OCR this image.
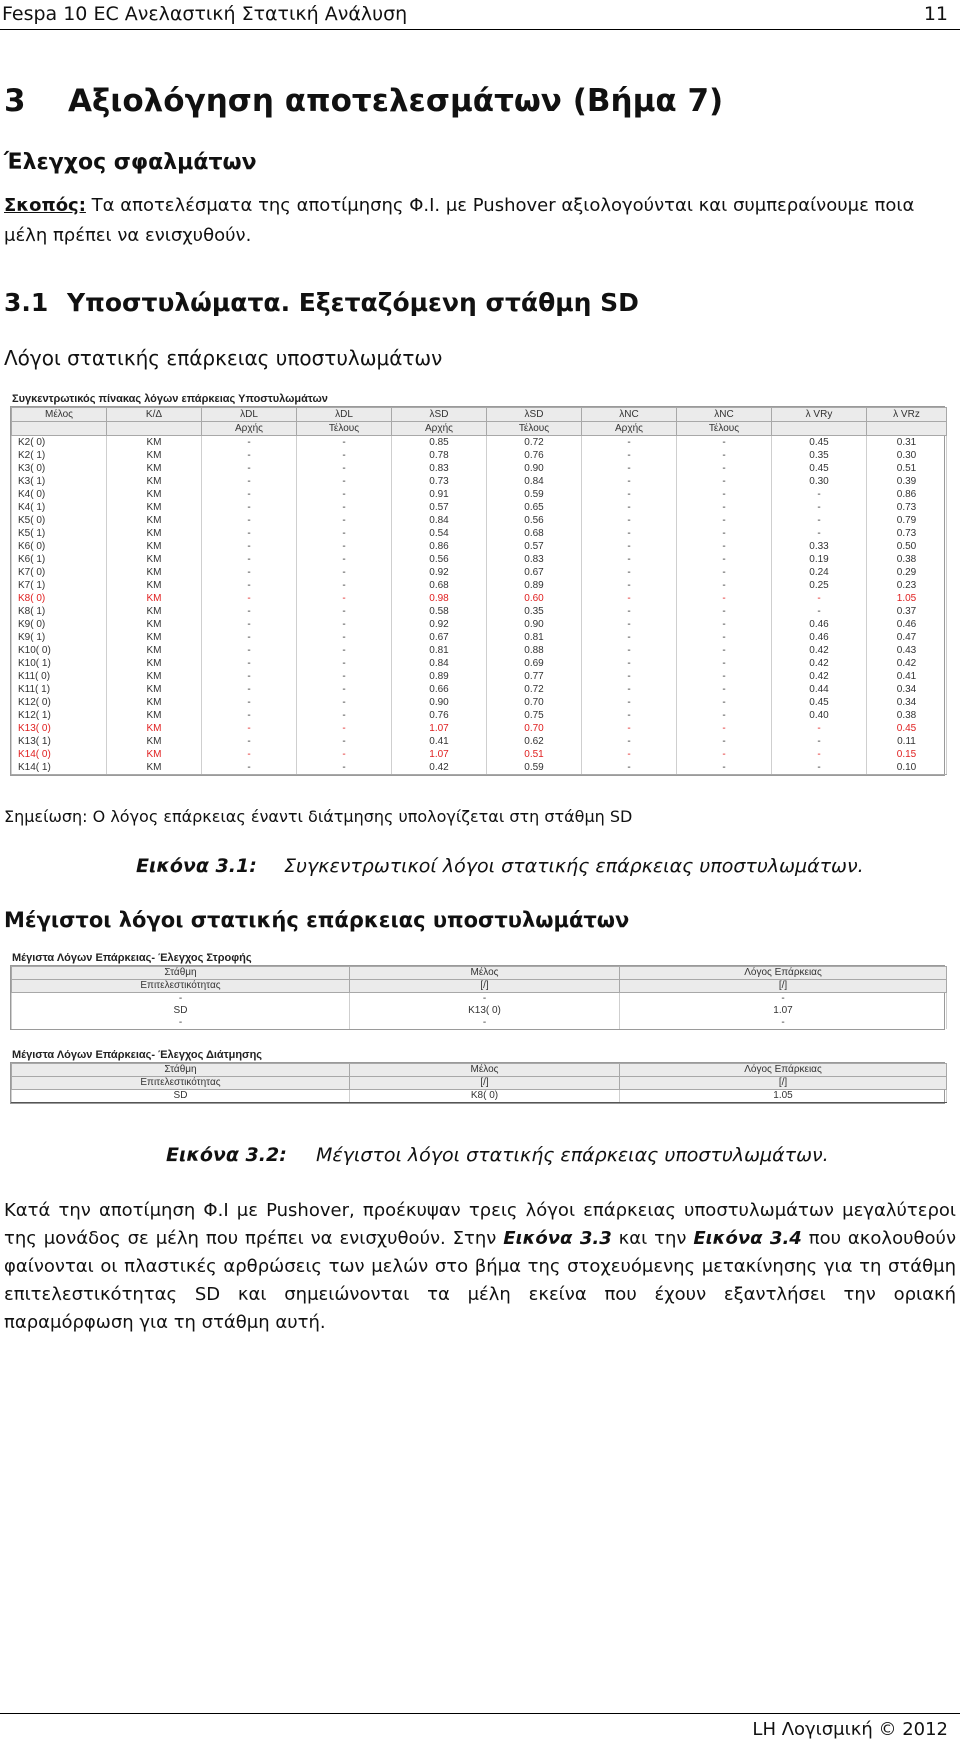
Fespa 10 EC Ανελαστική Στατική Ανάλυση	11
3 Αξιολόγηση αποτελεσμάτων (Βήμα 7)
Έλεγχος σφαλμάτων
Σκοπός: Τα αποτελέσματα της αποτίμησης Φ.Ι. με Pushover αξιολογούνται και συμπεραίνουμε ποια
μέλη πρέπει να ενισχυθούν.
3.1 Υποστυλώματα. Εξεταζόμενη στάθμη SD
Λόγοι στατικής επάρκειας υποστυλωμάτων
Συγκεντρωτικός πίνακας λόγων επάρκειας Υποστυλωμάτων
Μέλος	Κ/Δ	λDL	λDL	λSD	λSD	λNC	λNC	λ VRy	λ VRz
		Αρχής	Τέλους	Αρχής	Τέλους	Αρχής	Τέλους		
K2( 0)	KM	-	-	0.85	0.72	-	-	0.45	0.31
K2( 1)	KM	-	-	0.78	0.76	-	-	0.35	0.30
K3( 0)	KM	-	-	0.83	0.90	-	-	0.45	0.51
K3( 1)	KM	-	-	0.73	0.84	-	-	0.30	0.39
K4( 0)	KM	-	-	0.91	0.59	-	-	-	0.86
K4( 1)	KM	-	-	0.57	0.65	-	-	-	0.73
K5( 0)	KM	-	-	0.84	0.56	-	-	-	0.79
K5( 1)	KM	-	-	0.54	0.68	-	-	-	0.73
K6( 0)	KM	-	-	0.86	0.57	-	-	0.33	0.50
K6( 1)	KM	-	-	0.56	0.83	-	-	0.19	0.38
K7( 0)	KM	-	-	0.92	0.67	-	-	0.24	0.29
K7( 1)	KM	-	-	0.68	0.89	-	-	0.25	0.23
K8( 0)	KM	-	-	0.98	0.60	-	-	-	1.05
K8( 1)	KM	-	-	0.58	0.35	-	-	-	0.37
K9( 0)	KM	-	-	0.92	0.90	-	-	0.46	0.46
K9( 1)	KM	-	-	0.67	0.81	-	-	0.46	0.47
K10( 0)	KM	-	-	0.81	0.88	-	-	0.42	0.43
K10( 1)	KM	-	-	0.84	0.69	-	-	0.42	0.42
K11( 0)	KM	-	-	0.89	0.77	-	-	0.42	0.41
K11( 1)	KM	-	-	0.66	0.72	-	-	0.44	0.34
K12( 0)	KM	-	-	0.90	0.70	-	-	0.45	0.34
K12( 1)	KM	-	-	0.76	0.75	-	-	0.40	0.38
K13( 0)	KM	-	-	1.07	0.70	-	-	-	0.45
K13( 1)	KM	-	-	0.41	0.62	-	-	-	0.11
K14( 0)	KM	-	-	1.07	0.51	-	-	-	0.15
K14( 1)	KM	-	-	0.42	0.59	-	-	-	0.10
Σημείωση: Ο λόγος επάρκειας έναντι διάτμησης υπολογίζεται στη στάθμη SD
Εικόνα 3.1: Συγκεντρωτικοί λόγοι στατικής επάρκειας υποστυλωμάτων.
Μέγιστοι λόγοι στατικής επάρκειας υποστυλωμάτων
Μέγιστα Λόγων Επάρκειας- Έλεγχος Στροφής
Στάθμη	Μέλος	Λόγος Επάρκειας
Επιτελεστικότητας	[/]	[/]
-	-	-
SD	K13( 0)	1.07
-	-	-
Μέγιστα Λόγων Επάρκειας- Έλεγχος Διάτμησης
Στάθμη	Μέλος	Λόγος Επάρκειας
Επιτελεστικότητας	[/]	[/]
SD	K8( 0)	1.05
Εικόνα 3.2: Μέγιστοι λόγοι στατικής επάρκειας υποστυλωμάτων.
Κατά την αποτίμηση Φ.Ι με Pushover, προέκυψαν τρεις λόγοι επάρκειας υποστυλωμάτων μεγαλύτεροι της μονάδος σε μέλη που πρέπει να ενισχυθούν. Στην Εικόνα 3.3 και την Εικόνα 3.4 που ακολουθούν φαίνονται οι πλαστικές αρθρώσεις των μελών στο βήμα της στοχευόμενης μετακίνησης για τη στάθμη επιτελεστικότητας SD και σημειώνονται τα μέλη εκείνα που έχουν εξαντλήσει την οριακή παραμόρφωση για τη στάθμη αυτή.
LH Λογισμική © 2012
